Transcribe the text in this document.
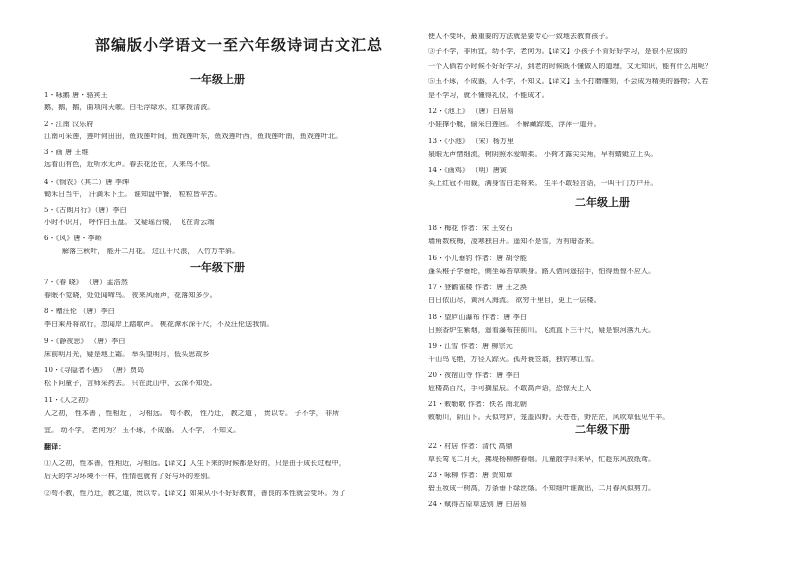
部编版小学语文一至六年级诗词古文汇总
一年级上册
1・咏鹅 唐・骆宾王
鹅，鹅，鹅，曲项向天歌。白毛浮绿水，红掌拨清波。
2・江南 汉乐府
江南可采莲，莲叶何田田，鱼戏莲叶间，鱼戏莲叶东，鱼戏莲叶西，鱼戏莲叶南，鱼戏莲叶北。
3・画 唐 王维
远看山有色，近听水无声。春去花还在，人来鸟不惊。
4・《悯农》（其二）唐 李绅
锄禾日当午， 汗滴禾下土。 谁知盘中餐， 粒粒皆辛苦。
5・《古朗月行》（唐）李白
小时不识月， 呼作白玉盘。 又疑瑶台镜， 飞在青云端
6・《风》唐・李峤
解落三秋叶， 能开二月花。 过江千尺浪， 入竹万竿斜。
一年级下册
7・《春 晓》 （唐）孟浩然
春眠不觉晓，处处闻啼鸟。 夜来风雨声，花落知多少。
8・赠汪伦 （唐）李白
李白乘舟将欲行，忽闻岸上踏歌声。 桃花潭水深千尺，不及汪伦送我情。
9・《静夜思》 （唐）李白
床前明月光，疑是地上霜。 举头望明月，低头思故乡
10・《寻隐者不遇》 （唐）贾岛
松下问童子，言师采药去。 只在此山中，云深不知处。
11・《人之初》
人之初， 性本善 ，性相近 ， 习相远。 苟不教， 性乃迁， 教之道 ， 贵以专。 子不学， 非所
宜。 幼不学， 老何为？ 玉不琢，不成器。 人不学， 不知义。
翻译：
①人之初，性本善，性相近，习相远。【译文】人生下来的时候都是好的，只是由于成长过程中，
后天的学习环境不一样，性情也就有了好与坏的差别。
②苟不教，性乃迁，教之道，贵以专。【译文】如果从小不好好教育，善良的本性就会变坏。为了
使人不变坏，最重要的方法就是要专心一致地去教育孩子。
③子不学，非所宜，幼不学，老何为。【译文】小孩子不肯好好学习，是很不应该的
一个人倘若小时候不好好学习，到老的时候既不懂做人的道理，又无知识，能有什么用呢？
⑤玉不琢，不成器，人不学，不知义。【译文】玉不打磨雕刻，不会成为精美的器物；人若
是不学习，就不懂得礼仪，不能成才。
12・《池上》 （唐）白居易
小娃撑小艇，偷采白莲回。 不解藏踪迹，浮萍一道开。
13・《小池》 （宋）杨万里
泉眼无声惜细流，树阴照水爱晴柔。 小荷才露尖尖角，早有蜻蜓立上头。
14・《画鸡》 （明）唐寅
头上红冠不用裁，满身雪白走将来。 生平不敢轻言语，一叫千门万户开。
二年级上册
18・梅花 作者：宋 王安石
墙角数枝梅，凌寒独自开。遥知不是雪，为有暗香来。
16・小儿垂钓 作者：唐 胡令能
蓬头稚子学垂纶，侧坐莓苔草映身。路人借问遥招手，怕得鱼惊不应人。
17・登鹳雀楼 作者：唐 王之涣
白日依山尽，黄河入海流。 欲穷千里目，更上一层楼。
18・望庐山瀑布 作者：唐 李白
日照香炉生紫烟，遥看瀑布挂前川。飞流直下三千尺，疑是银河落九天。
19・江雪 作者：唐 柳宗元
千山鸟飞绝，万径人踪灭。孤舟蓑笠翁，独钓寒江雪。
20・夜宿山寺 作者：唐 李白
危楼高百尺，手可摘星辰。不敢高声语，恐惊天上人
21・敕勒歌 作者：佚名 南北朝
敕勒川，阴山下。天似穹庐，笼盖四野。天苍苍，野茫茫，风吹草低见牛羊。
二年级下册
22・村居 作者：清代 高鼎
草长莺飞二月天，拂堤杨柳醉春烟。儿童散学归来早，忙趁东风放纸鸢。
23・咏柳 作者：唐 贺知章
碧玉妆成一树高，万条垂下绿丝绦。不知细叶谁裁出，二月春风似剪刀。
24・赋得古原草送别 唐 白居易
